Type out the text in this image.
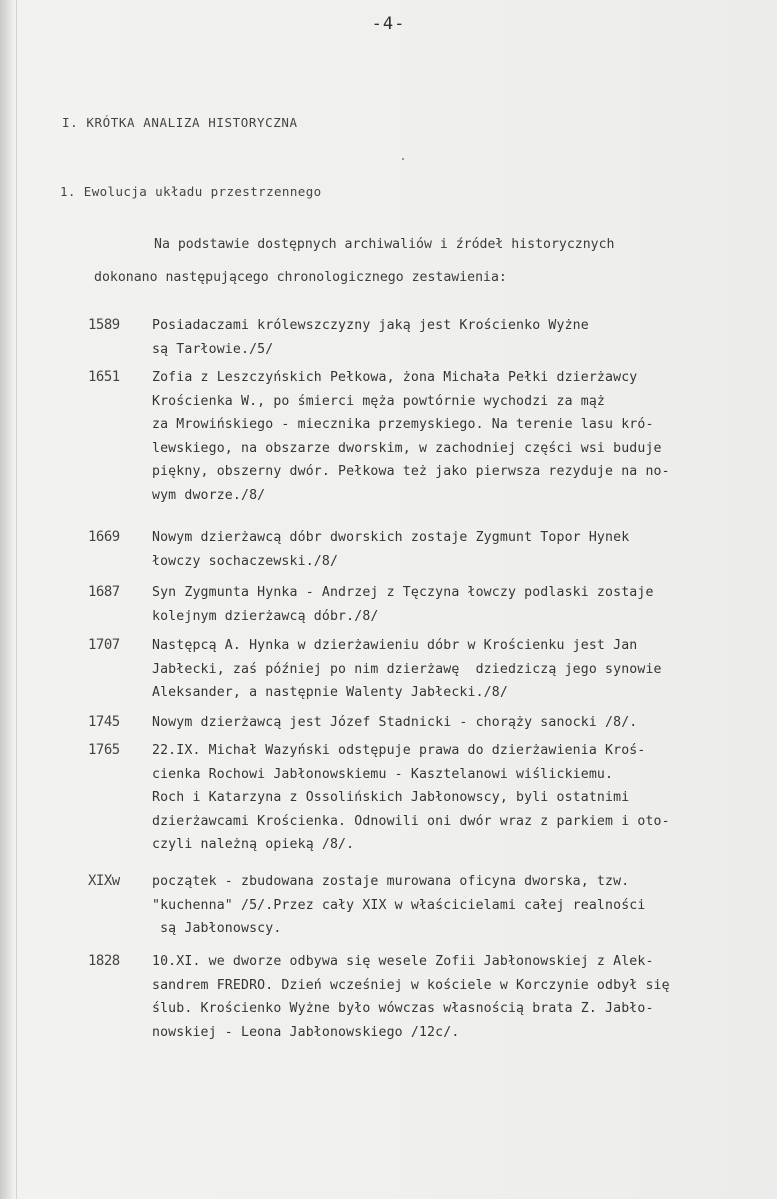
-4-
I. KRÓTKA ANALIZA HISTORYCZNA
1. Ewolucja układu przestrzennego
Na podstawie dostępnych archiwaliów i źródeł historycznych
dokonano następującego chronologicznego zestawienia:
1589	Posiadaczami królewszczyzny jaką jest Krościenko Wyżne
są Tarłowie./5/
1651	Zofia z Leszczyńskich Pełkowa, żona Michała Pełki dzierżawcy
Krościenka W., po śmierci męża powtórnie wychodzi za mąż
za Mrowińskiego - miecznika przemyskiego. Na terenie lasu kró-
lewskiego, na obszarze dworskim, w zachodniej części wsi buduje
piękny, obszerny dwór. Pełkowa też jako pierwsza rezyduje na no-
wym dworze./8/
1669	Nowym dzierżawcą dóbr dworskich zostaje Zygmunt Topor Hynek
łowczy sochaczewski./8/
1687	Syn Zygmunta Hynka - Andrzej z Tęczyna łowczy podlaski zostaje
kolejnym dzierżawcą dóbr./8/
1707	Następcą A. Hynka w dzierżawieniu dóbr w Krościenku jest Jan
Jabłecki, zaś później po nim dzierżawę  dziedziczą jego synowie
Aleksander, a następnie Walenty Jabłecki./8/
1745	Nowym dzierżawcą jest Józef Stadnicki - chorąży sanocki /8/.
1765	22.IX. Michał Wazyński odstępuje prawa do dzierżawienia Kroś-
cienka Rochowi Jabłonowskiemu - Kasztelanowi wiślickiemu.
Roch i Katarzyna z Ossolińskich Jabłonowscy, byli ostatnimi
dzierżawcami Krościenka. Odnowili oni dwór wraz z parkiem i oto-
czyli należną opieką /8/.
XIXw	początek - zbudowana zostaje murowana oficyna dworska, tzw.
"kuchenna" /5/.Przez cały XIX w właścicielami całej realności
są Jabłonowscy.
1828	10.XI. we dworze odbywa się wesele Zofii Jabłonowskiej z Alek-
sandrem FREDRO. Dzień wcześniej w kościele w Korczynie odbył się
ślub. Krościenko Wyżne było wówczas własnością brata Z. Jabło-
nowskiej - Leona Jabłonowskiego /12c/.
